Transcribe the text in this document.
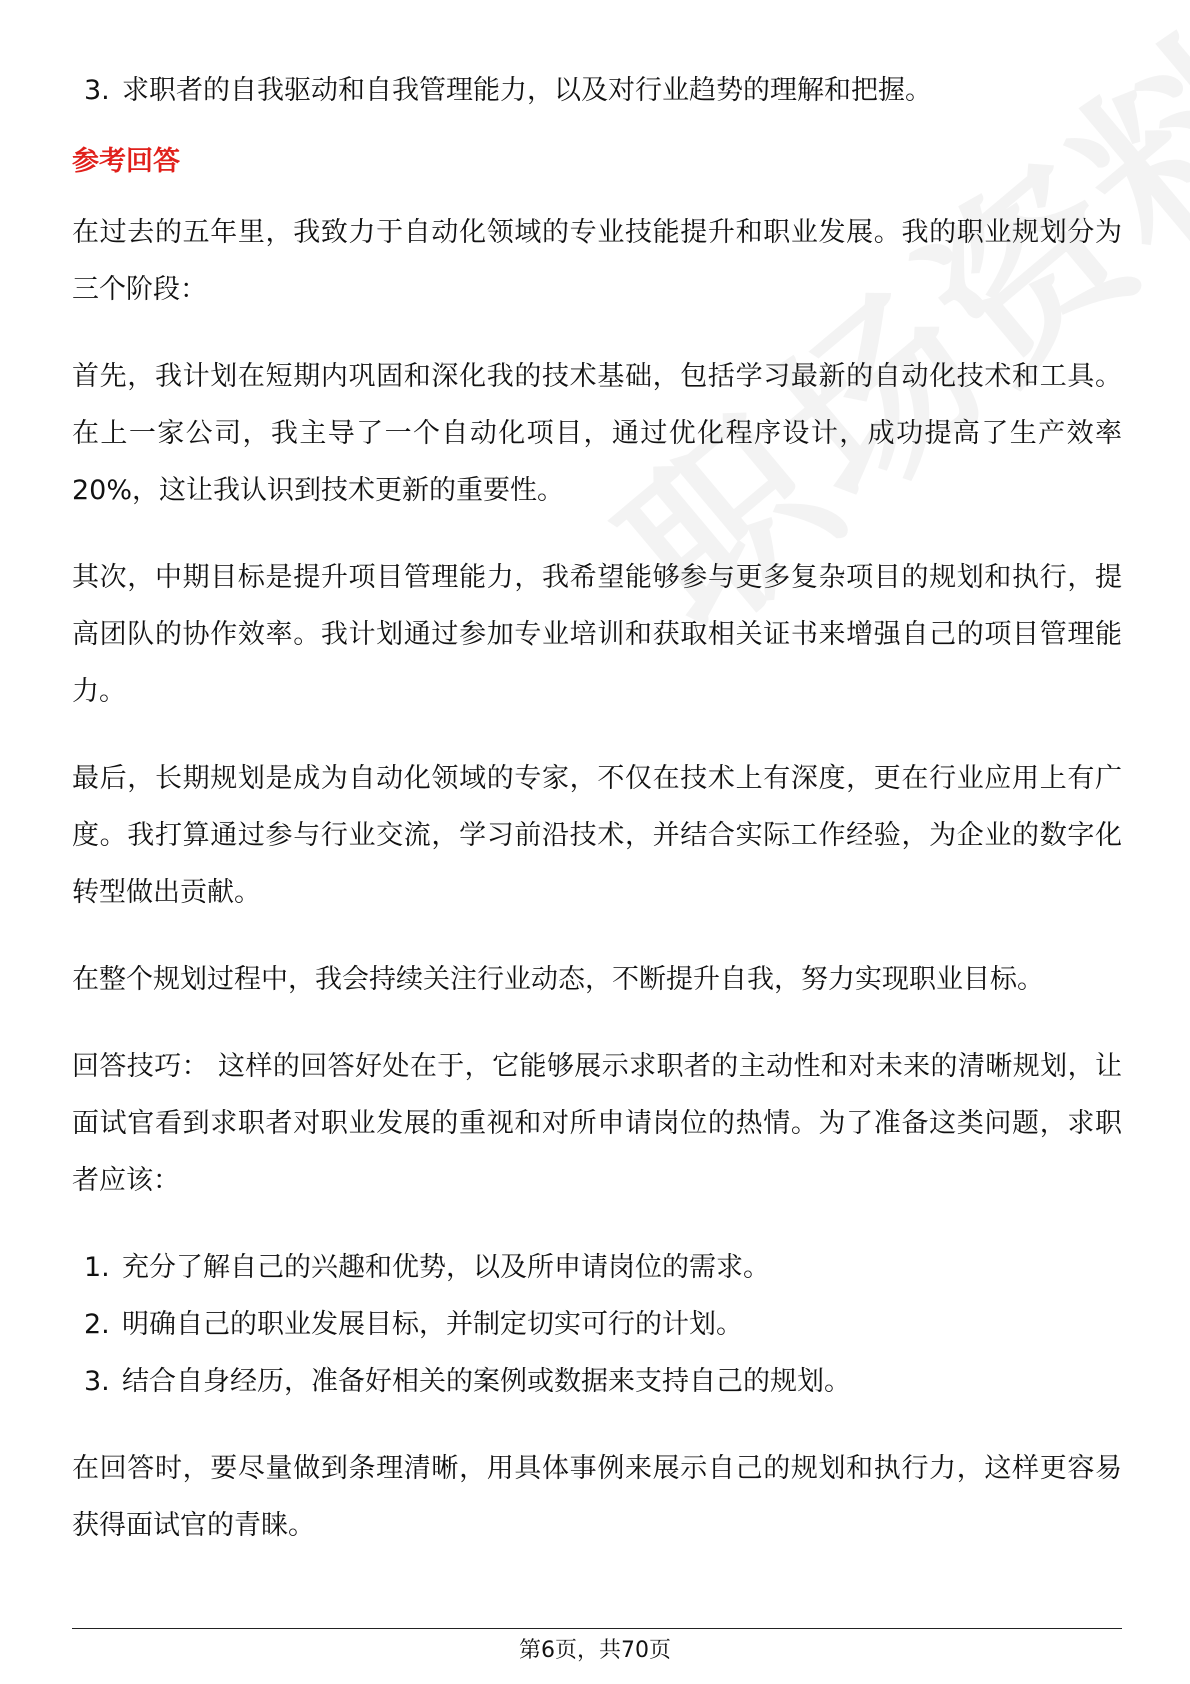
3. 求职者的自我驱动和自我管理能力，以及对行业趋势的理解和把握。

参考回答

在过去的五年里，我致力于自动化领域的专业技能提升和职业发展。我的职业规划分为三个阶段：

首先，我计划在短期内巩固和深化我的技术基础，包括学习最新的自动化技术和工具。在上一家公司，我主导了一个自动化项目，通过优化程序设计，成功提高了生产效率20%，这让我认识到技术更新的重要性。

其次，中期目标是提升项目管理能力，我希望能够参与更多复杂项目的规划和执行，提高团队的协作效率。我计划通过参加专业培训和获取相关证书来增强自己的项目管理能力。

最后，长期规划是成为自动化领域的专家，不仅在技术上有深度，更在行业应用上有广度。我打算通过参与行业交流，学习前沿技术，并结合实际工作经验，为企业的数字化转型做出贡献。

在整个规划过程中，我会持续关注行业动态，不断提升自我，努力实现职业目标。

回答技巧： 这样的回答好处在于，它能够展示求职者的主动性和对未来的清晰规划，让面试官看到求职者对职业发展的重视和对所申请岗位的热情。为了准备这类问题，求职者应该：

1. 充分了解自己的兴趣和优势，以及所申请岗位的需求。
2. 明确自己的职业发展目标，并制定切实可行的计划。
3. 结合自身经历，准备好相关的案例或数据来支持自己的规划。

在回答时，要尽量做到条理清晰，用具体事例来展示自己的规划和执行力，这样更容易获得面试官的青睐。

第6页，共70页
